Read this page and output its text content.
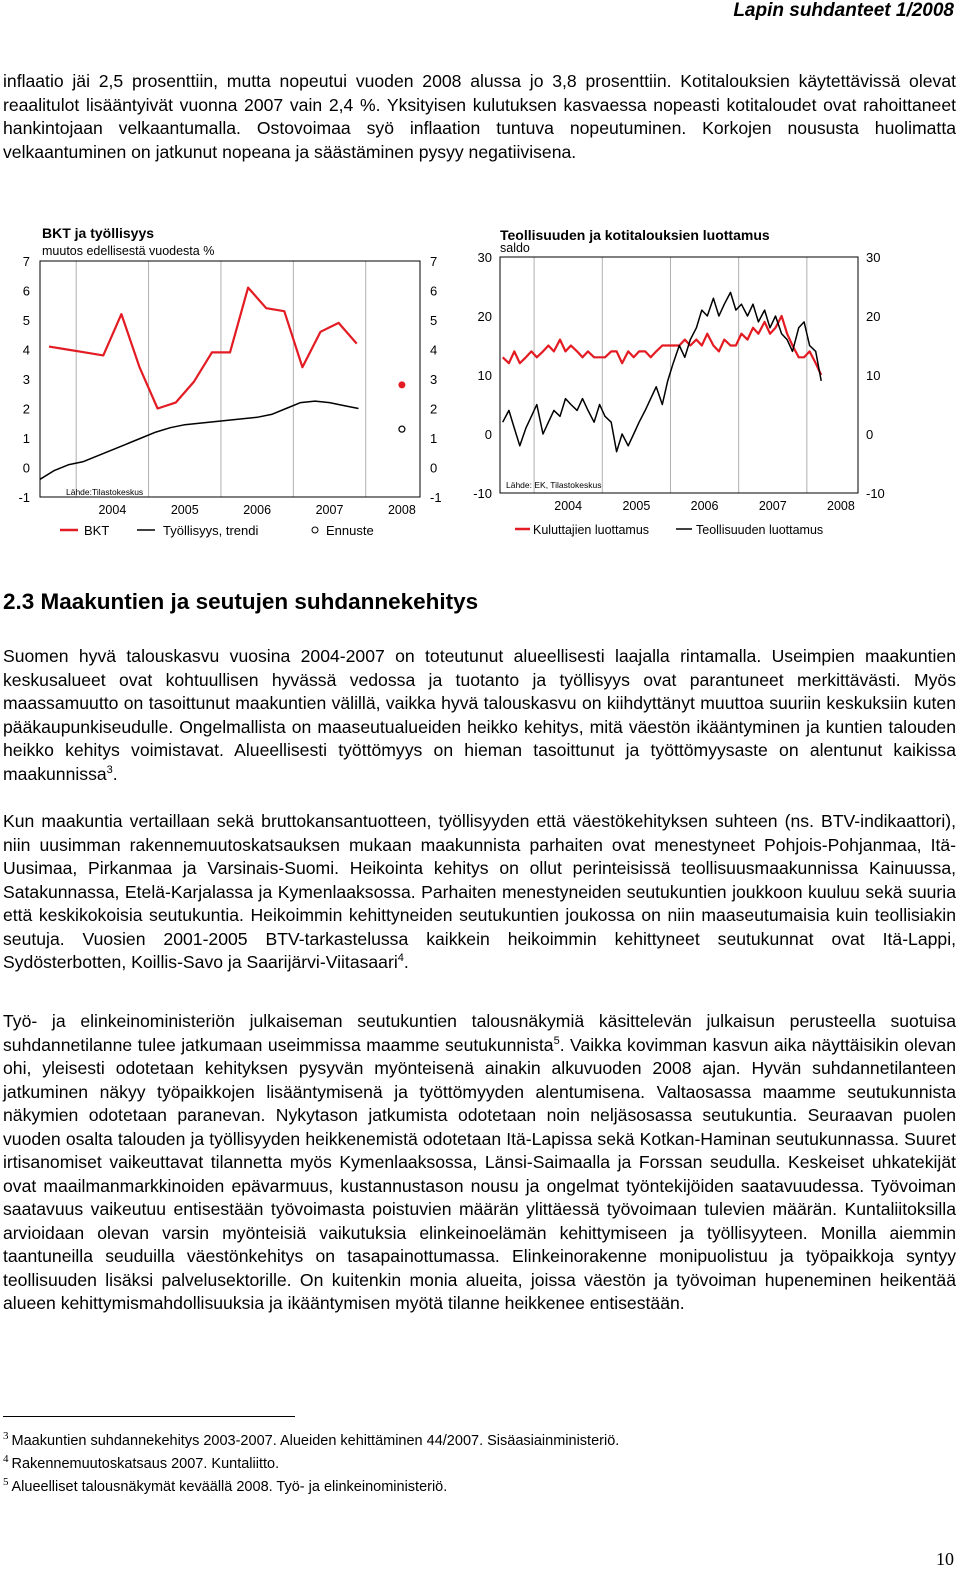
Lapin suhdanteet 1/2008

inflaatio jäi 2,5 prosenttiin, mutta nopeutui vuoden 2008 alussa jo 3,8 prosenttiin. Kotitalouksien käytettävissä olevat reaalitulot lisääntyivät vuonna 2007 vain 2,4 %. Yksityisen kulutuksen kasvaessa nopeasti kotitaloudet ovat rahoittaneet hankintojaan velkaantumalla. Ostovoimaa syö inflaation tuntuva nopeutuminen. Korkojen noususta huolimatta velkaantuminen on jatkunut nopeana ja säästäminen pysyy negatiivisena.

BKT ja työllisyys
muutos edellisestä vuodesta %
7
6
5
4
3
2
1
0
-1
7
6
5
4
3
2
1
0
-1
2004	2005	2006	2007	2008
Lähde:Tilastokeskus
BKT	Työllisyys, trendi	Ennuste
Teollisuuden ja kotitalouksien luottamus
saldo
30
20
10
0
-10
30
20
10
0
-10
2004	2005	2006	2007	2008
Lähde: EK, Tilastokeskus
Kuluttajien luottamus	Teollisuuden luottamus
2.3 Maakuntien ja seutujen suhdannekehitys

Suomen hyvä talouskasvu vuosina 2004-2007 on toteutunut alueellisesti laajalla rintamalla. Useimpien maakuntien keskusalueet ovat kohtuullisen hyvässä vedossa ja tuotanto ja työllisyys ovat parantuneet merkittävästi. Myös maassamuutto on tasoittunut maakuntien välillä, vaikka hyvä talouskasvu on kiihdyttänyt muuttoa suuriin keskuksiin kuten pääkaupunkiseudulle. Ongelmallista on maaseutualueiden heikko kehitys, mitä väestön ikääntyminen ja kuntien talouden heikko kehitys voimistavat. Alueellisesti työttömyys on hieman tasoittunut ja työttömyysaste on alentunut kaikissa maakunnissa$^3$.

Kun maakuntia vertaillaan sekä bruttokansantuotteen, työllisyyden että väestökehityksen suhteen (ns. BTV-indikaattori), niin uusimman rakennemuutoskatsauksen mukaan maakunnista parhaiten ovat menestyneet Pohjois-Pohjanmaa, Itä-Uusimaa, Pirkanmaa ja Varsinais-Suomi. Heikointa kehitys on ollut perinteisissä teollisuusmaakunnissa Kainuussa, Satakunnassa, Etelä-Karjalassa ja Kymenlaaksossa. Parhaiten menestyneiden seutukuntien joukkoon kuuluu sekä suuria että keskikokoisia seutukuntia. Heikoimmin kehittyneiden seutukuntien joukossa on niin maaseutumaisia kuin teollisiakin seutuja. Vuosien 2001-2005 BTV-tarkastelussa kaikkein heikoimmin kehittyneet seutukunnat ovat Itä-Lappi, Sydösterbotten, Koillis-Savo ja Saarijärvi-Viitasaari$^4$.

Työ- ja elinkeinoministeriön julkaiseman seutukuntien talousnäkymiä käsittelevän julkaisun perusteella suotuisa suhdannetilanne tulee jatkumaan useimmissa maamme seutukunnista$^5$. Vaikka kovimman kasvun aika näyttäisikin olevan ohi, yleisesti odotetaan kehityksen pysyvän myönteisenä ainakin alkuvuoden 2008 ajan. Hyvän suhdannetilanteen jatkuminen näkyy työpaikkojen lisääntymisenä ja työttömyyden alentumisena. Valtaosassa maamme seutukunnista näkymien odotetaan paranevan. Nykytason jatkumista odotetaan noin neljäsosassa seutukuntia. Seuraavan puolen vuoden osalta talouden ja työllisyyden heikkenemistä odotetaan Itä-Lapissa sekä Kotkan-Haminan seutukunnassa. Suuret irtisanomiset vaikeuttavat tilannetta myös Kymenlaaksossa, Länsi-Saimaalla ja Forssan seudulla. Keskeiset uhkatekijät ovat maailmanmarkkinoiden epävarmuus, kustannustason nousu ja ongelmat työntekijöiden saatavuudessa. Työvoiman saatavuus vaikeutuu entisestään työvoimasta poistuvien määrän ylittäessä työvoimaan tulevien määrän. Kuntaliitoksilla arvioidaan olevan varsin myönteisiä vaikutuksia elinkeinoelämän kehittymiseen ja työllisyyteen. Monilla aiemmin taantuneilla seuduilla väestönkehitys on tasapainottumassa. Elinkeinorakenne monipuolistuu ja työpaikkoja syntyy teollisuuden lisäksi palvelusektorille. On kuitenkin monia alueita, joissa väestön ja työvoiman hupeneminen heikentää alueen kehittymismahdollisuuksia ja ikääntymisen myötä tilanne heikkenee entisestään.

$^3$ Maakuntien suhdannekehitys 2003-2007. Alueiden kehittäminen 44/2007. Sisäasiainministeriö.
$^4$ Rakennemuutoskatsaus 2007. Kuntaliitto.
$^5$ Alueelliset talousnäkymät keväällä 2008. Työ- ja elinkeinoministeriö.
10
